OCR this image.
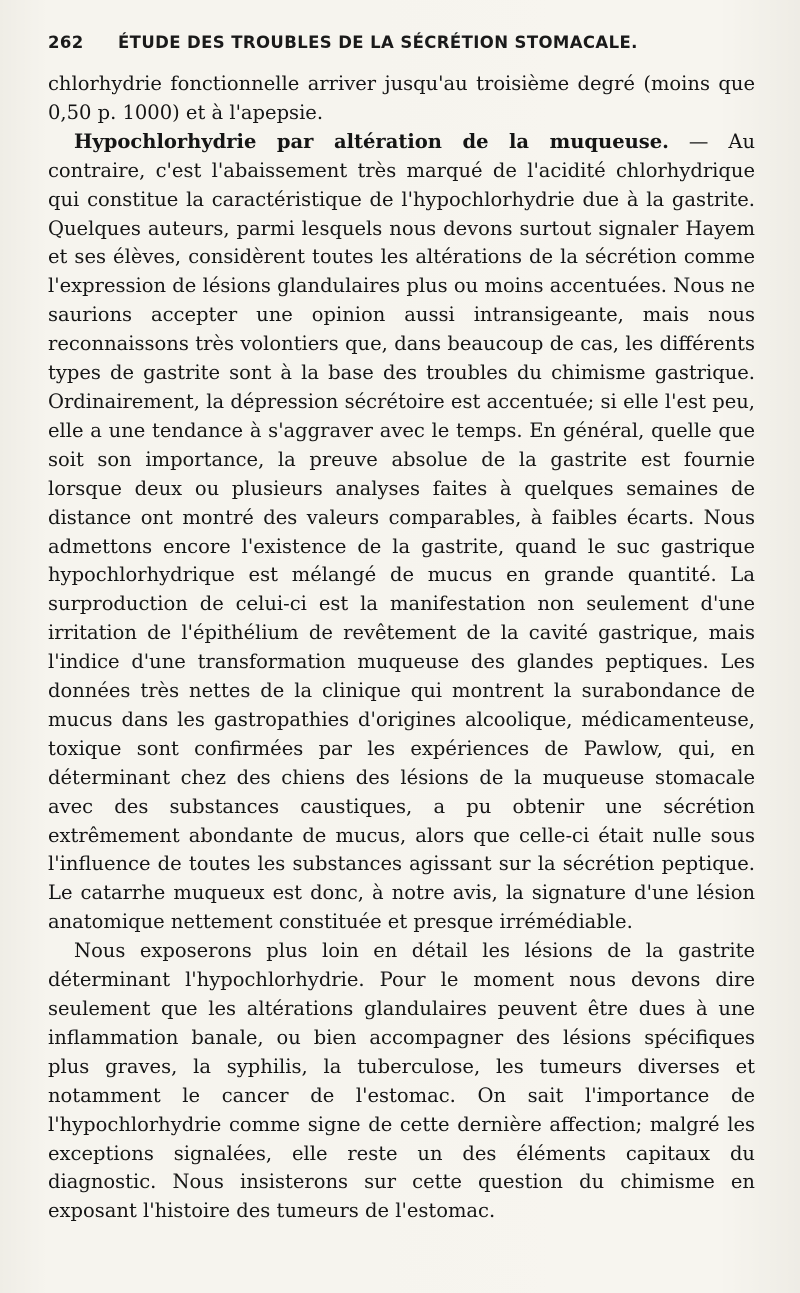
262 ÉTUDE DES TROUBLES DE LA SÉCRÉTION STOMACALE.

chlorhydrie fonctionnelle arriver jusqu'au troisième degré (moins que 0,50 p. 1000) et à l'apepsie.

Hypochlorhydrie par altération de la muqueuse. — Au contraire, c'est l'abaissement très marqué de l'acidité chlorhydrique qui constitue la caractéristique de l'hypochlorhydrie due à la gastrite. Quelques auteurs, parmi lesquels nous devons surtout signaler Hayem et ses élèves, considèrent toutes les altérations de la sécrétion comme l'expression de lésions glandulaires plus ou moins accentuées. Nous ne saurions accepter une opinion aussi intransigeante, mais nous reconnaissons très volontiers que, dans beaucoup de cas, les différents types de gastrite sont à la base des troubles du chimisme gastrique. Ordinairement, la dépression sécrétoire est accentuée; si elle l'est peu, elle a une tendance à s'aggraver avec le temps. En général, quelle que soit son importance, la preuve absolue de la gastrite est fournie lorsque deux ou plusieurs analyses faites à quelques semaines de distance ont montré des valeurs comparables, à faibles écarts. Nous admettons encore l'existence de la gastrite, quand le suc gastrique hypochlorhydrique est mélangé de mucus en grande quantité. La surproduction de celui-ci est la manifestation non seulement d'une irritation de l'épithélium de revêtement de la cavité gastrique, mais l'indice d'une transformation muqueuse des glandes peptiques. Les données très nettes de la clinique qui montrent la surabondance de mucus dans les gastropathies d'origines alcoolique, médicamenteuse, toxique sont confirmées par les expériences de Pawlow, qui, en déterminant chez des chiens des lésions de la muqueuse stomacale avec des substances caustiques, a pu obtenir une sécrétion extrêmement abondante de mucus, alors que celle-ci était nulle sous l'influence de toutes les substances agissant sur la sécrétion peptique. Le catarrhe muqueux est donc, à notre avis, la signature d'une lésion anatomique nettement constituée et presque irrémédiable.

Nous exposerons plus loin en détail les lésions de la gastrite déterminant l'hypochlorhydrie. Pour le moment nous devons dire seulement que les altérations glandulaires peuvent être dues à une inflammation banale, ou bien accompagner des lésions spécifiques plus graves, la syphilis, la tuberculose, les tumeurs diverses et notamment le cancer de l'estomac. On sait l'importance de l'hypochlorhydrie comme signe de cette dernière affection; malgré les exceptions signalées, elle reste un des éléments capitaux du diagnostic. Nous insisterons sur cette question du chimisme en exposant l'histoire des tumeurs de l'estomac.
